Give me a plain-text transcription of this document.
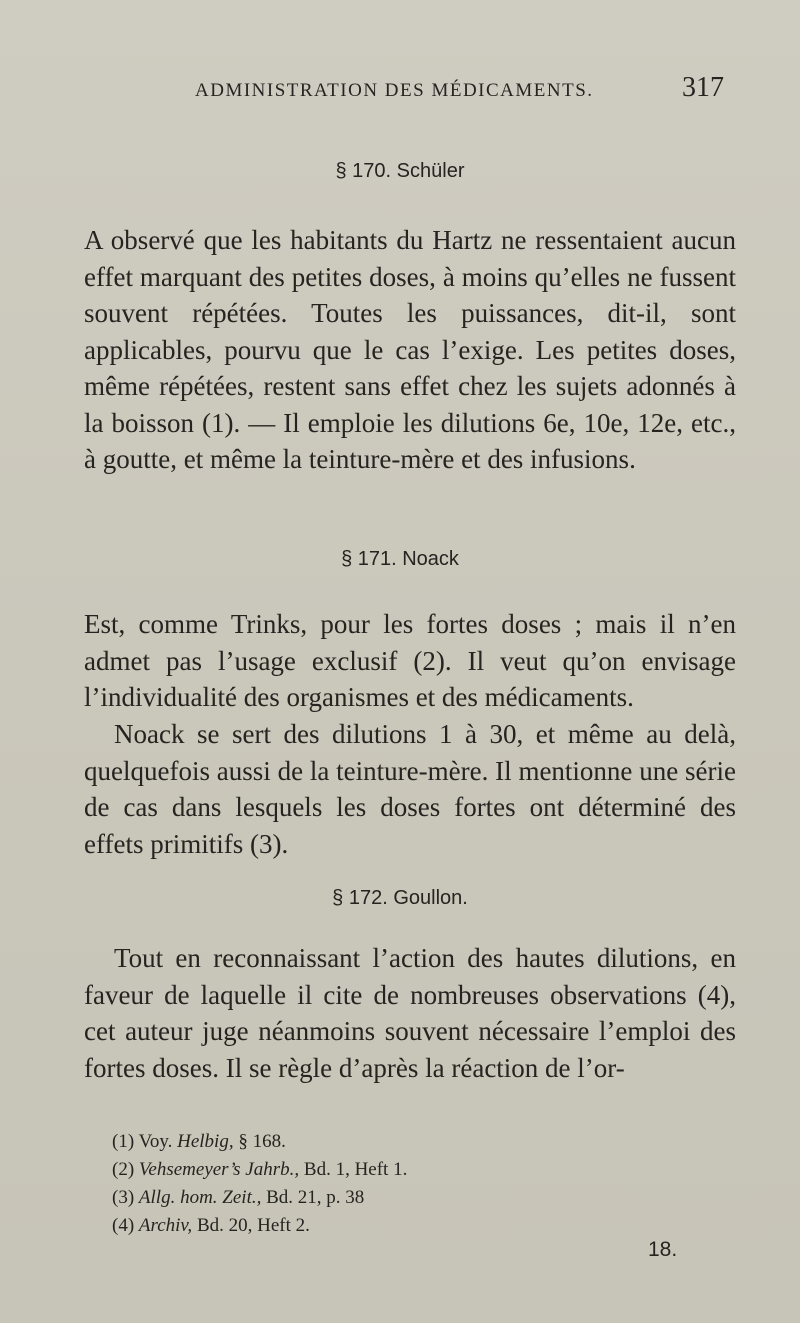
ADMINISTRATION DES MÉDICAMENTS.	317
§ 170. Schüler
A observé que les habitants du Hartz ne ressentaient aucun effet marquant des petites doses, à moins qu’elles ne fussent souvent répétées. Toutes les puissances, dit-il, sont applicables, pourvu que le cas l’exige. Les petites doses, même répétées, restent sans effet chez les sujets adonnés à la boisson (1). — Il emploie les dilutions 6e, 10e, 12e, etc., à goutte, et même la teinture-mère et des infusions.
§ 171. Noack
Est, comme Trinks, pour les fortes doses ; mais il n’en admet pas l’usage exclusif (2). Il veut qu’on envisage l’individualité des organismes et des médicaments.
Noack se sert des dilutions 1 à 30, et même au delà, quelquefois aussi de la teinture-mère. Il mentionne une série de cas dans lesquels les doses fortes ont déterminé des effets primitifs (3).
§ 172. Goullon.
Tout en reconnaissant l’action des hautes dilutions, en faveur de laquelle il cite de nombreuses observations (4), cet auteur juge néanmoins souvent nécessaire l’emploi des fortes doses. Il se règle d’après la réaction de l’or-
(1) Voy. Helbig, § 168.
(2) Vehsemeyer’s Jahrb., Bd. 1, Heft 1.
(3) Allg. hom. Zeit., Bd. 21, p. 38
(4) Archiv, Bd. 20, Heft 2.
18.
